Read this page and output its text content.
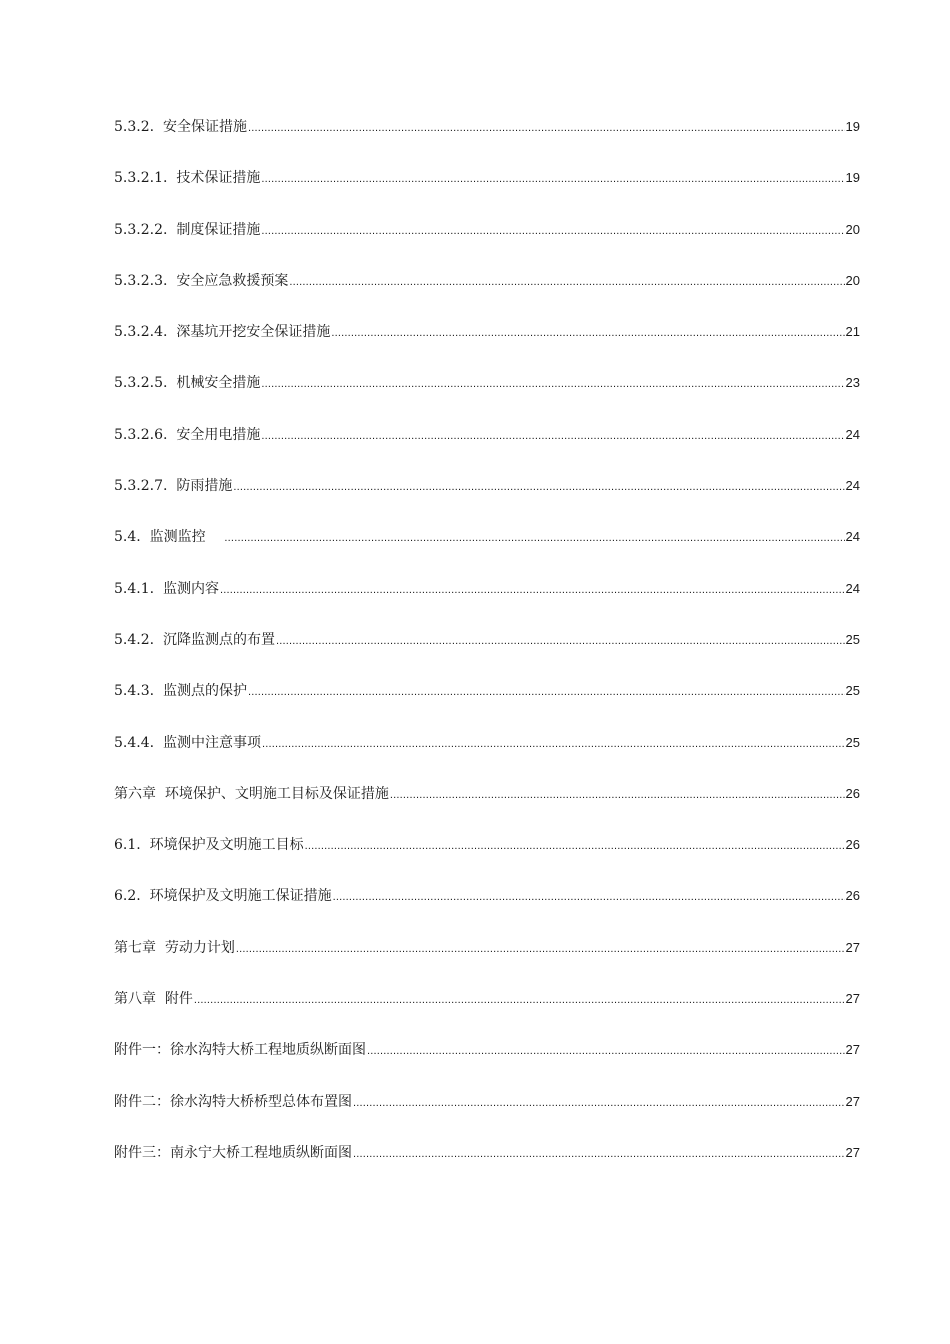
5.3.2.  安全保证措施 .....	19
5.3.2.1.  技术保证措施 .....	19
5.3.2.2.  制度保证措施 .....	20
5.3.2.3.  安全应急救援预案 .....	20
5.3.2.4.  深基坑开挖安全保证措施 .....	21
5.3.2.5.  机械安全措施 .....	23
5.3.2.6.  安全用电措施 .....	24
5.3.2.7.  防雨措施 .....	24
5.4.  监测监控 .....	24
5.4.1.  监测内容 .....	24
5.4.2.  沉降监测点的布置 .....	25
5.4.3.  监测点的保护 .....	25
5.4.4.  监测中注意事项 .....	25
第六章  环境保护、文明施工目标及保证措施 .....	26
6.1.  环境保护及文明施工目标 .....	26
6.2.  环境保护及文明施工保证措施 .....	26
第七章  劳动力计划 .....	27
第八章  附件 .....	27
附件一：徐水沟特大桥工程地质纵断面图 .....	27
附件二：徐水沟特大桥桥型总体布置图 .....	27
附件三：南永宁大桥工程地质纵断面图 .....	27
